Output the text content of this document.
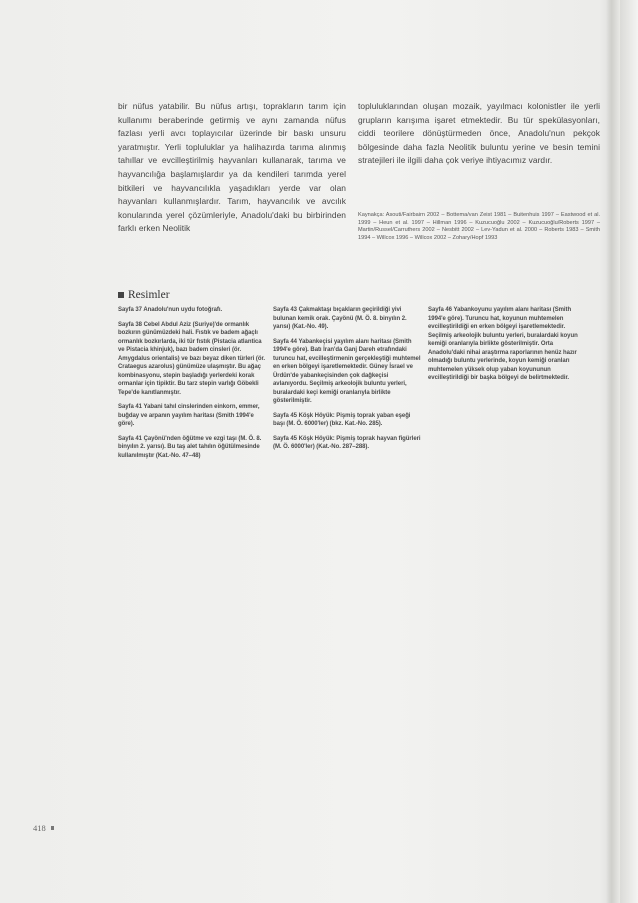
bir nüfus yatabilir. Bu nüfus artışı, toprakların tarım için kullanımı beraberinde getirmiş ve aynı zamanda nüfus fazlası yerli avcı toplayıcılar üzerinde bir baskı unsuru yaratmıştır. Yerli topluluklar ya halihazırda tarıma alınmış tahıllar ve evcilleştirilmiş hayvanları kullanarak, tarıma ve hayvancılığa başlamışlardır ya da kendileri tarımda yerel bitkileri ve hayvancılıkla yaşadıkları yerde var olan hayvanları kullanmışlardır. Tarım, hayvancılık ve avcılık konularında yerel çözümleriyle, Anadolu'daki bu birbirinden farklı erken Neolitik
topluluklarından oluşan mozaik, yayılmacı kolonistler ile yerli grupların karışıma işaret etmektedir. Bu tür spekülasyonları, ciddi teorilere dönüştürmeden önce, Anadolu'nun pekçok bölgesinde daha fazla Neolitik buluntu yerine ve besin temini stratejileri ile ilgili daha çok veriye ihtiyacımız vardır.
Kaynakça: Asouti/Fairbairn 2002 – Bottema/van Zeist 1981 – Buitenhuis 1997 – Eastwood et al. 1999 – Heun et al. 1997 – Hillman 1996 – Kuzucuoğlu 2002 – Kuzucuoğlu/Roberts 1997 – Martin/Russel/Carruthers 2002 – Nesbitt 2002 – Lev-Yadun et al. 2000 – Roberts 1983 – Smith 1994 – Willcox 1996 – Willcox 2002 – Zohary/Hopf 1993
Resimler

Sayfa 37 Anadolu'nun uydu fotoğrafı.

Sayfa 38 Cebel Abdul Aziz (Suriye)'de ormanlık bozkırın günümüzdeki hali. Fıstık ve badem ağaçlı ormanlık bozkırlarda, iki tür fıstık (Pistacia atlantica ve Pistacia khinjuk), bazı badem cinsleri (ör. Amygdalus orientalis) ve bazı beyaz diken türleri (ör. Crataegus azarolus) günümüze ulaşmıştır. Bu ağaç kombinasyonu, stepin başladığı yerlerdeki korak ormanlar için tipiktir. Bu tarz stepin varlığı Göbekli Tepe'de kanıtlanmıştır.

Sayfa 41 Yabani tahıl cinslerinden einkorn, emmer, buğday ve arpanın yayılım haritası (Smith 1994'e göre).

Sayfa 41 Çayönü'nden öğütme ve ezgi taşı (M. Ö. 8. binyılın 2. yarısı). Bu taş alet tahılın öğütülmesinde kullanılmıştır (Kat.-No. 47–48)

Sayfa 43 Çakmaktaşı bıçakların geçirildiği yivi bulunan kemik orak. Çayönü (M. Ö. 8. binyılın 2. yarısı) (Kat.-No. 49).

Sayfa 44 Yabankeçisi yayılım alanı haritası (Smith 1994'e göre). Batı İran'da Ganj Dareh etrafındaki turuncu hat, evcilleştirmenin gerçekleştiği muhtemel en erken bölgeyi işaretlemektedir. Güney İsrael ve Ürdün'de yabankeçisinden çok dağkeçisi avlanıyordu. Seçilmiş arkeolojik buluntu yerleri, buralardaki keçi kemiği oranlarıyla birlikte gösterilmiştir.

Sayfa 45 Köşk Höyük: Pişmiş toprak yaban eşeği başı (M. Ö. 6000'ler) (bkz. Kat.-No. 285).

Sayfa 45 Köşk Höyük: Pişmiş toprak hayvan figürleri (M. Ö. 6000'ler) (Kat.-No. 287–288).

Sayfa 46 Yabankoyunu yayılım alanı haritası (Smith 1994'e göre). Turuncu hat, koyunun muhtemelen evcilleştirildiği en erken bölgeyi işaretlemektedir. Seçilmiş arkeolojik buluntu yerleri, buralardaki koyun kemiği oranlarıyla birlikte gösterilmiştir. Orta Anadolu'daki nihai araştırma raporlarının henüz hazır olmadığı buluntu yerlerinde, koyun kemiği oranları muhtemelen yüksek olup yaban koyununun evcilleştirildiği bir başka bölgeyi de belirtmektedir.

418
